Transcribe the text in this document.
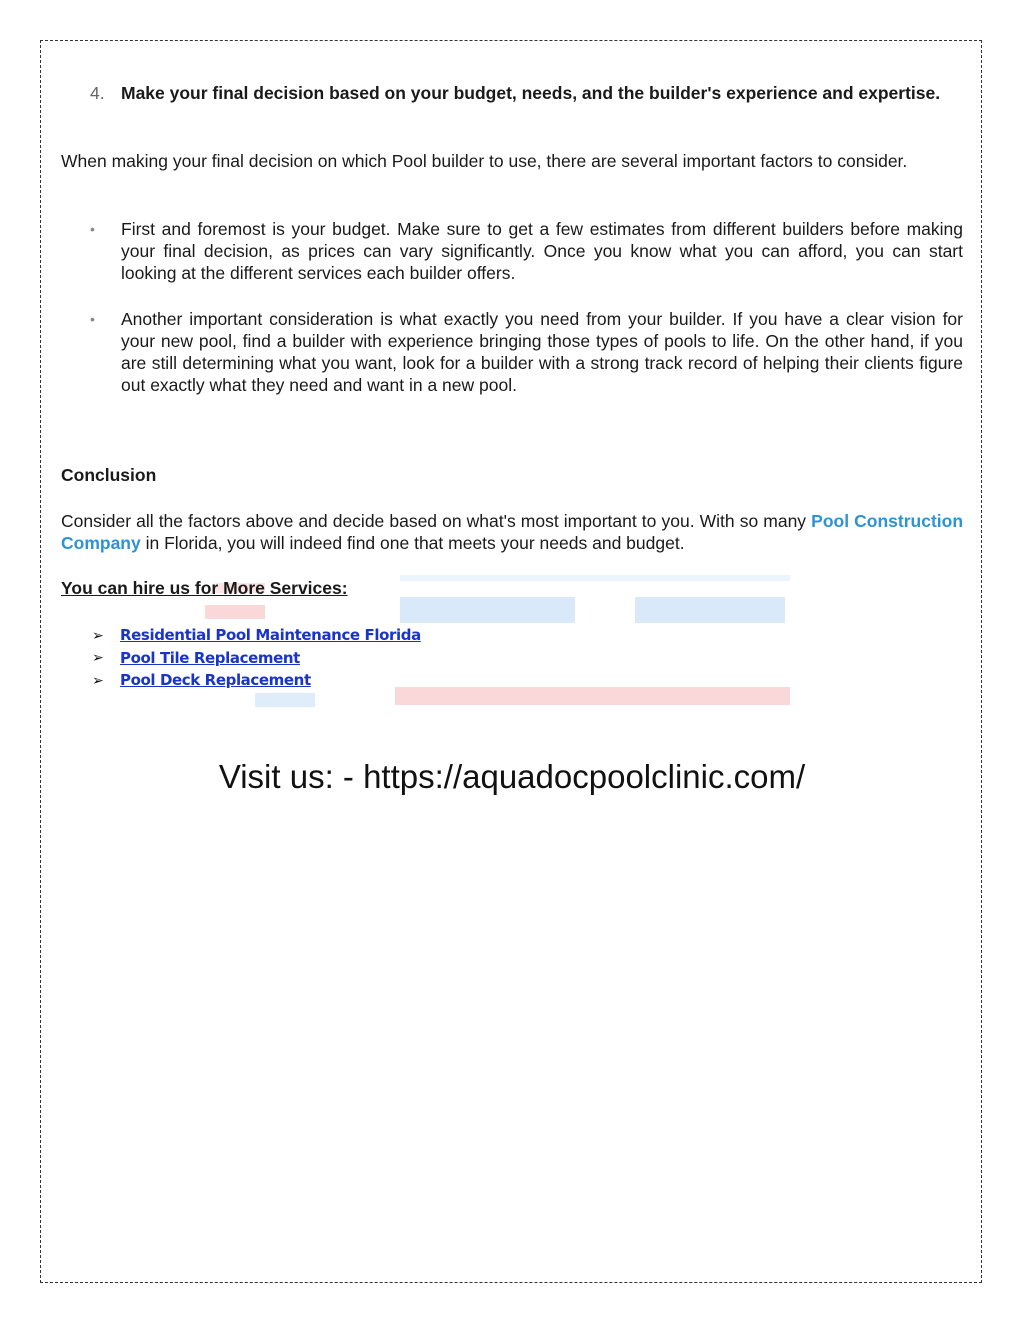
4. Make your final decision based on your budget, needs, and the builder's experience and expertise.

When making your final decision on which Pool builder to use, there are several important factors to consider.

• First and foremost is your budget. Make sure to get a few estimates from different builders before making your final decision, as prices can vary significantly. Once you know what you can afford, you can start looking at the different services each builder offers.
• Another important consideration is what exactly you need from your builder. If you have a clear vision for your new pool, find a builder with experience bringing those types of pools to life. On the other hand, if you are still determining what you want, look for a builder with a strong track record of helping their clients figure out exactly what they need and want in a new pool.
Conclusion

Consider all the factors above and decide based on what's most important to you. With so many Pool Construction Company in Florida, you will indeed find one that meets your needs and budget.

You can hire us for More Services:
➢	Residential Pool Maintenance Florida
➢	Pool Tile Replacement
➢	Pool Deck Replacement
Visit us: - https://aquadocpoolclinic.com/
